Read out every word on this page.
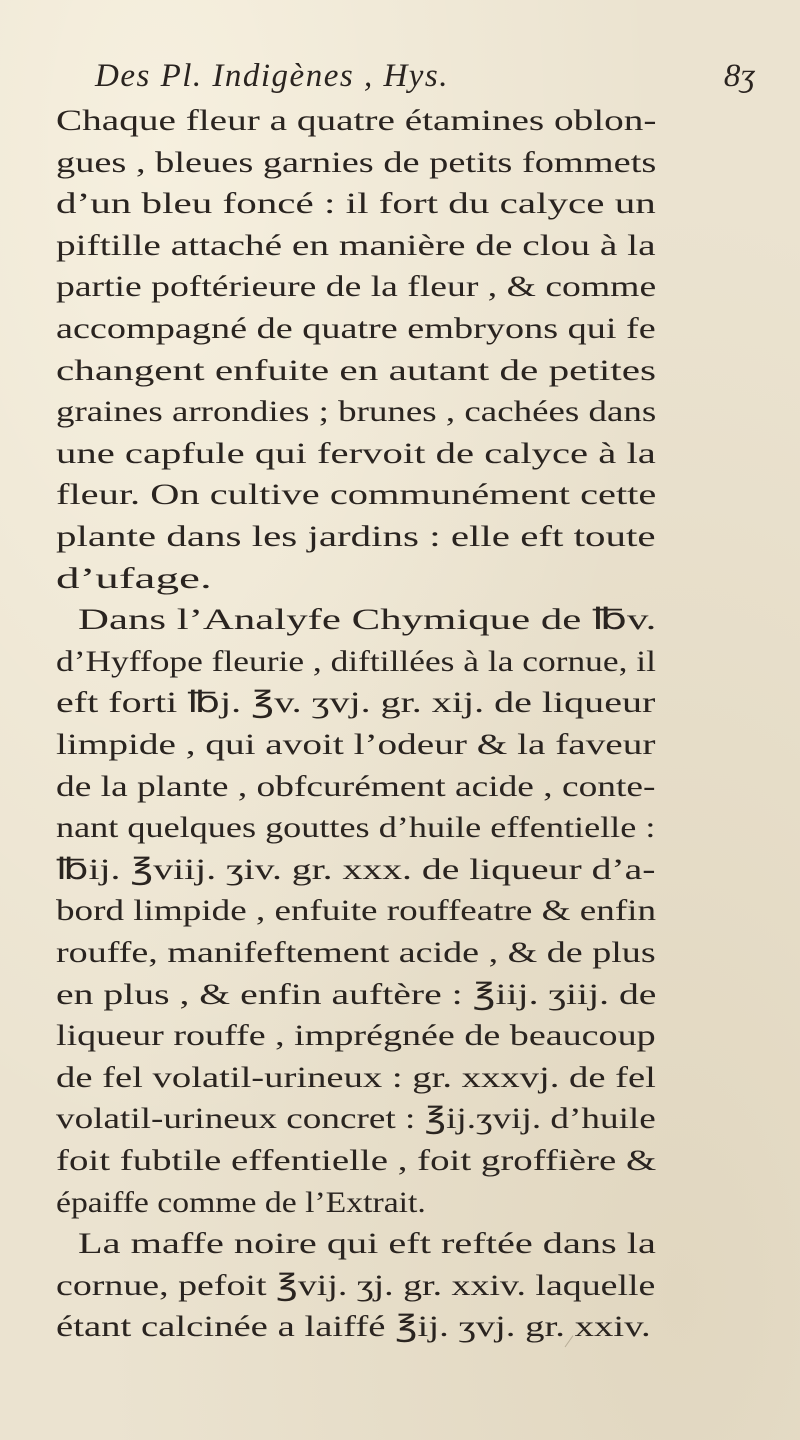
Des Pl. Indigènes , Hys.	8ʒ
Chaque fleur a quatre étamines oblon-
gues , bleues garnies de petits fommets
d’un bleu foncé : il fort du calyce un
piftille attaché en manière de clou à la
partie poftérieure de la fleur , & comme
accompagné de quatre embryons qui fe
changent enfuite en autant de petites
graines arrondies ; brunes , cachées dans
une capfule qui fervoit de calyce à la
fleur. On cultive communément cette
plante dans les jardins : elle eft toute
d’ufage.
Dans l’Analyfe Chymique de ℔v.
d’Hyffope fleurie , diftillées à la cornue, il
eft forti ℔j. ℥v. ʒvj. gr. xij. de liqueur
limpide , qui avoit l’odeur & la faveur
de la plante , obfcurément acide , conte-
nant quelques gouttes d’huile effentielle :
℔ij. ℥viij. ʒiv. gr. xxx. de liqueur d’a-
bord limpide , enfuite rouffeatre & enfin
rouffe, manifeftement acide , & de plus
en plus , & enfin auftère : ℥iij. ʒiij. de
liqueur rouffe , imprégnée de beaucoup
de fel volatil-urineux : gr. xxxvj. de fel
volatil-urineux concret : ℥ij.ʒvij. d’huile
foit fubtile effentielle , foit groffière &
épaiffe comme de l’Extrait.
La maffe noire qui eft reftée dans la
cornue, pefoit ℥vij. ʒj. gr. xxiv. laquelle
étant calcinée a laiffé ℥ij. ʒvj. gr. xxiv.
